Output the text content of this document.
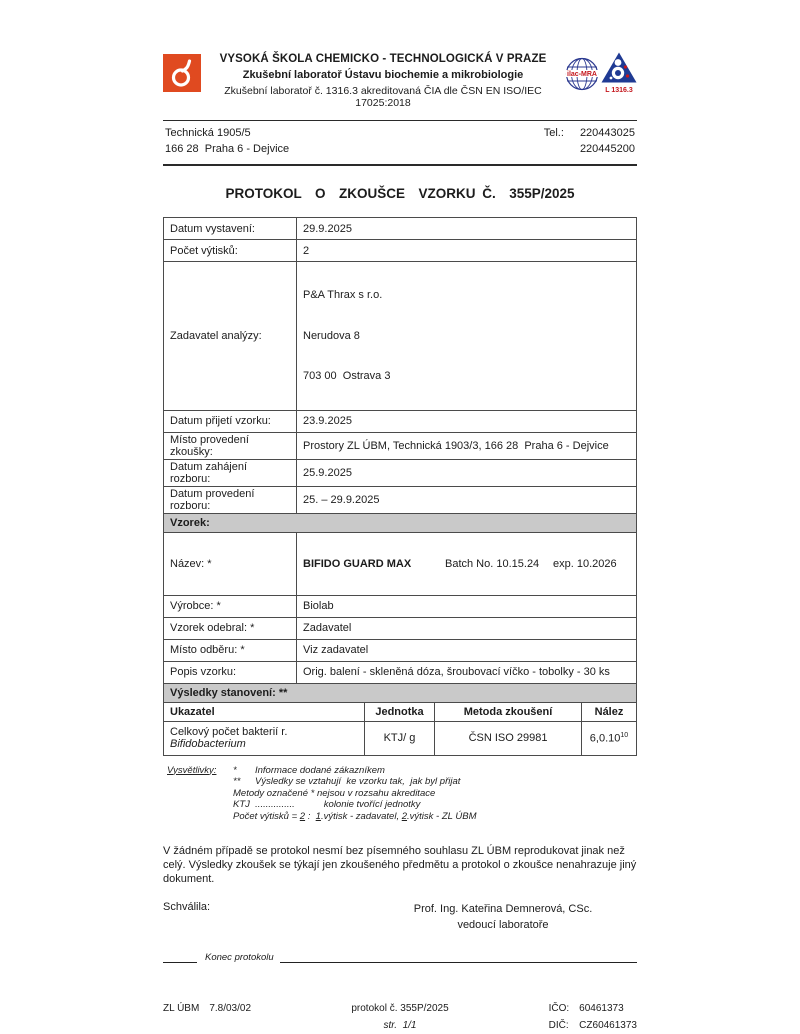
VYSOKÁ ŠKOLA CHEMICKO - TECHNOLOGICKÁ V PRAZE
Zkušební laboratoř Ústavu biochemie a mikrobiologie
Zkušební laboratoř č. 1316.3 akreditovaná ČIA dle ČSN EN ISO/IEC 17025:2018
ilac-MRA
L 1316.3
Technická 1905/5
166 28  Praha 6 - Dejvice
Tel.: 220443025
220445200
PROTOKOL  O  ZKOUŠCE  VZORKU Č.  355P/2025
Datum vystavení:	29.9.2025
Počet výtisků:	2
Zadavatel analýzy:	P&A Thrax s r.o.

Nerudova 8

703 00  Ostrava 3

Datum přijetí vzorku:	23.9.2025
Místo provedení zkoušky:	Prostory ZL ÚBM, Technická 1903/3, 166 28  Praha 6 - Dejvice
Datum zahájení rozboru:	25.9.2025
Datum provedení rozboru:	25. – 29.9.2025
Vzorek:	
Název: *	BIFIDO GUARD MAX Batch No. 10.15.24 exp. 10.2026

Výrobce: *	Biolab
Vzorek odebral: *	Zadavatel
Místo odběru: *	Viz zadavatel
Popis vzorku:	Orig. balení - skleněná dóza, šroubovací víčko - tobolky - 30 ks
Výsledky stanovení: **	
Ukazatel	Jednotka	Metoda zkoušení	Nález
Celkový počet bakterií r. Bifidobacterium	KTJ/ g	ČSN ISO 29981	6,0.10$^{10}$
Vysvětlivky:	*	Informace dodané zákazníkem
**	Výsledky se vztahují  ke vzorku tak,  jak byl přijat
Metody označené * nejsou v rozsahu akreditace
KTJ  ...............           kolonie tvořící jednotky
Počet výtisků = 2 : 1 .výtisk - zadavatel, 2 .výtisk - ZL ÚBM
V žádném případě se protokol nesmí bez písemného souhlasu ZL ÚBM reprodukovat jinak než celý. Výsledky zkoušek se týkají jen zkoušeného předmětu a protokol o zkoušce nenahrazuje jiný dokument.
Schválila:	Prof. Ing. Kateřina Demnerová, CSc.
vedoucí laboratoře
Konec protokolu
ZL ÚBM 7.8/03/02	protokol č. 355P/2025
str.  1/1
IČO: 60461373
DIČ: CZ60461373
